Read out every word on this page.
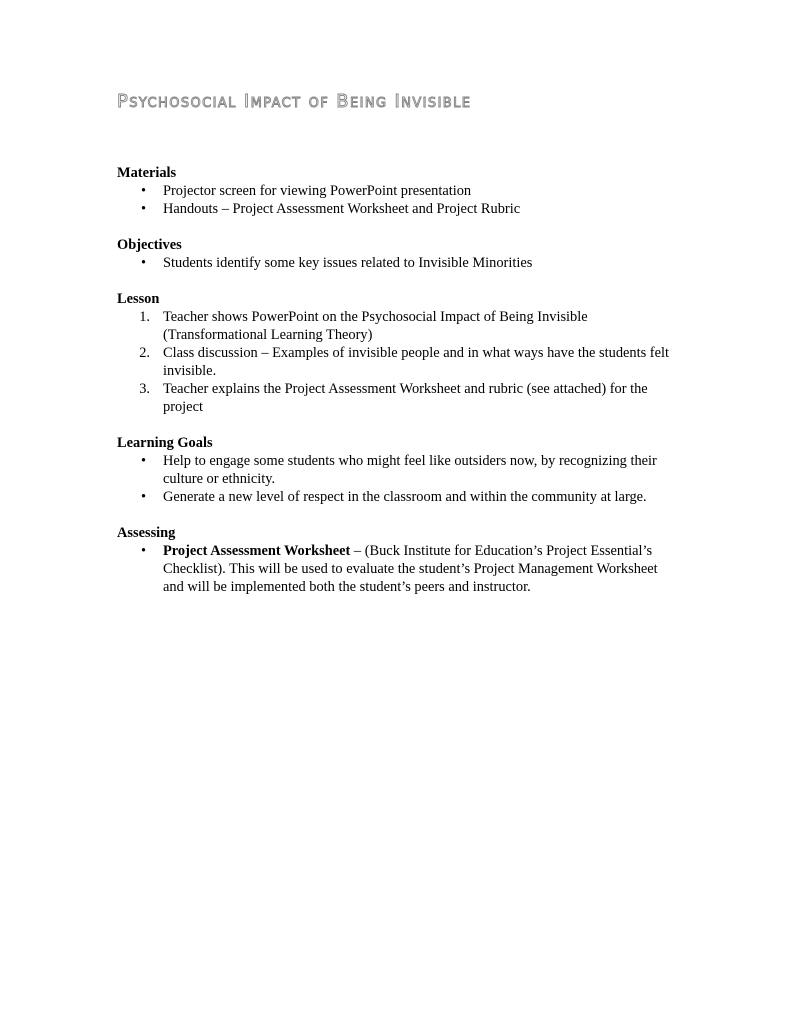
Psychosocial Impact of Being Invisible

Materials

• Projector screen for viewing PowerPoint presentation
• Handouts – Project Assessment Worksheet and Project Rubric

Objectives

• Students identify some key issues related to Invisible Minorities

Lesson

1. Teacher shows PowerPoint on the Psychosocial Impact of Being Invisible (Transformational Learning Theory)
2. Class discussion – Examples of invisible people and in what ways have the students felt invisible.
3. Teacher explains the Project Assessment Worksheet and rubric (see attached) for the project

Learning Goals

• Help to engage some students who might feel like outsiders now, by recognizing their culture or ethnicity.
• Generate a new level of respect in the classroom and within the community at large.

Assessing

• Project Assessment Worksheet – (Buck Institute for Education’s Project Essential’s Checklist). This will be used to evaluate the student’s Project Management Worksheet and will be implemented both the student’s peers and instructor.
